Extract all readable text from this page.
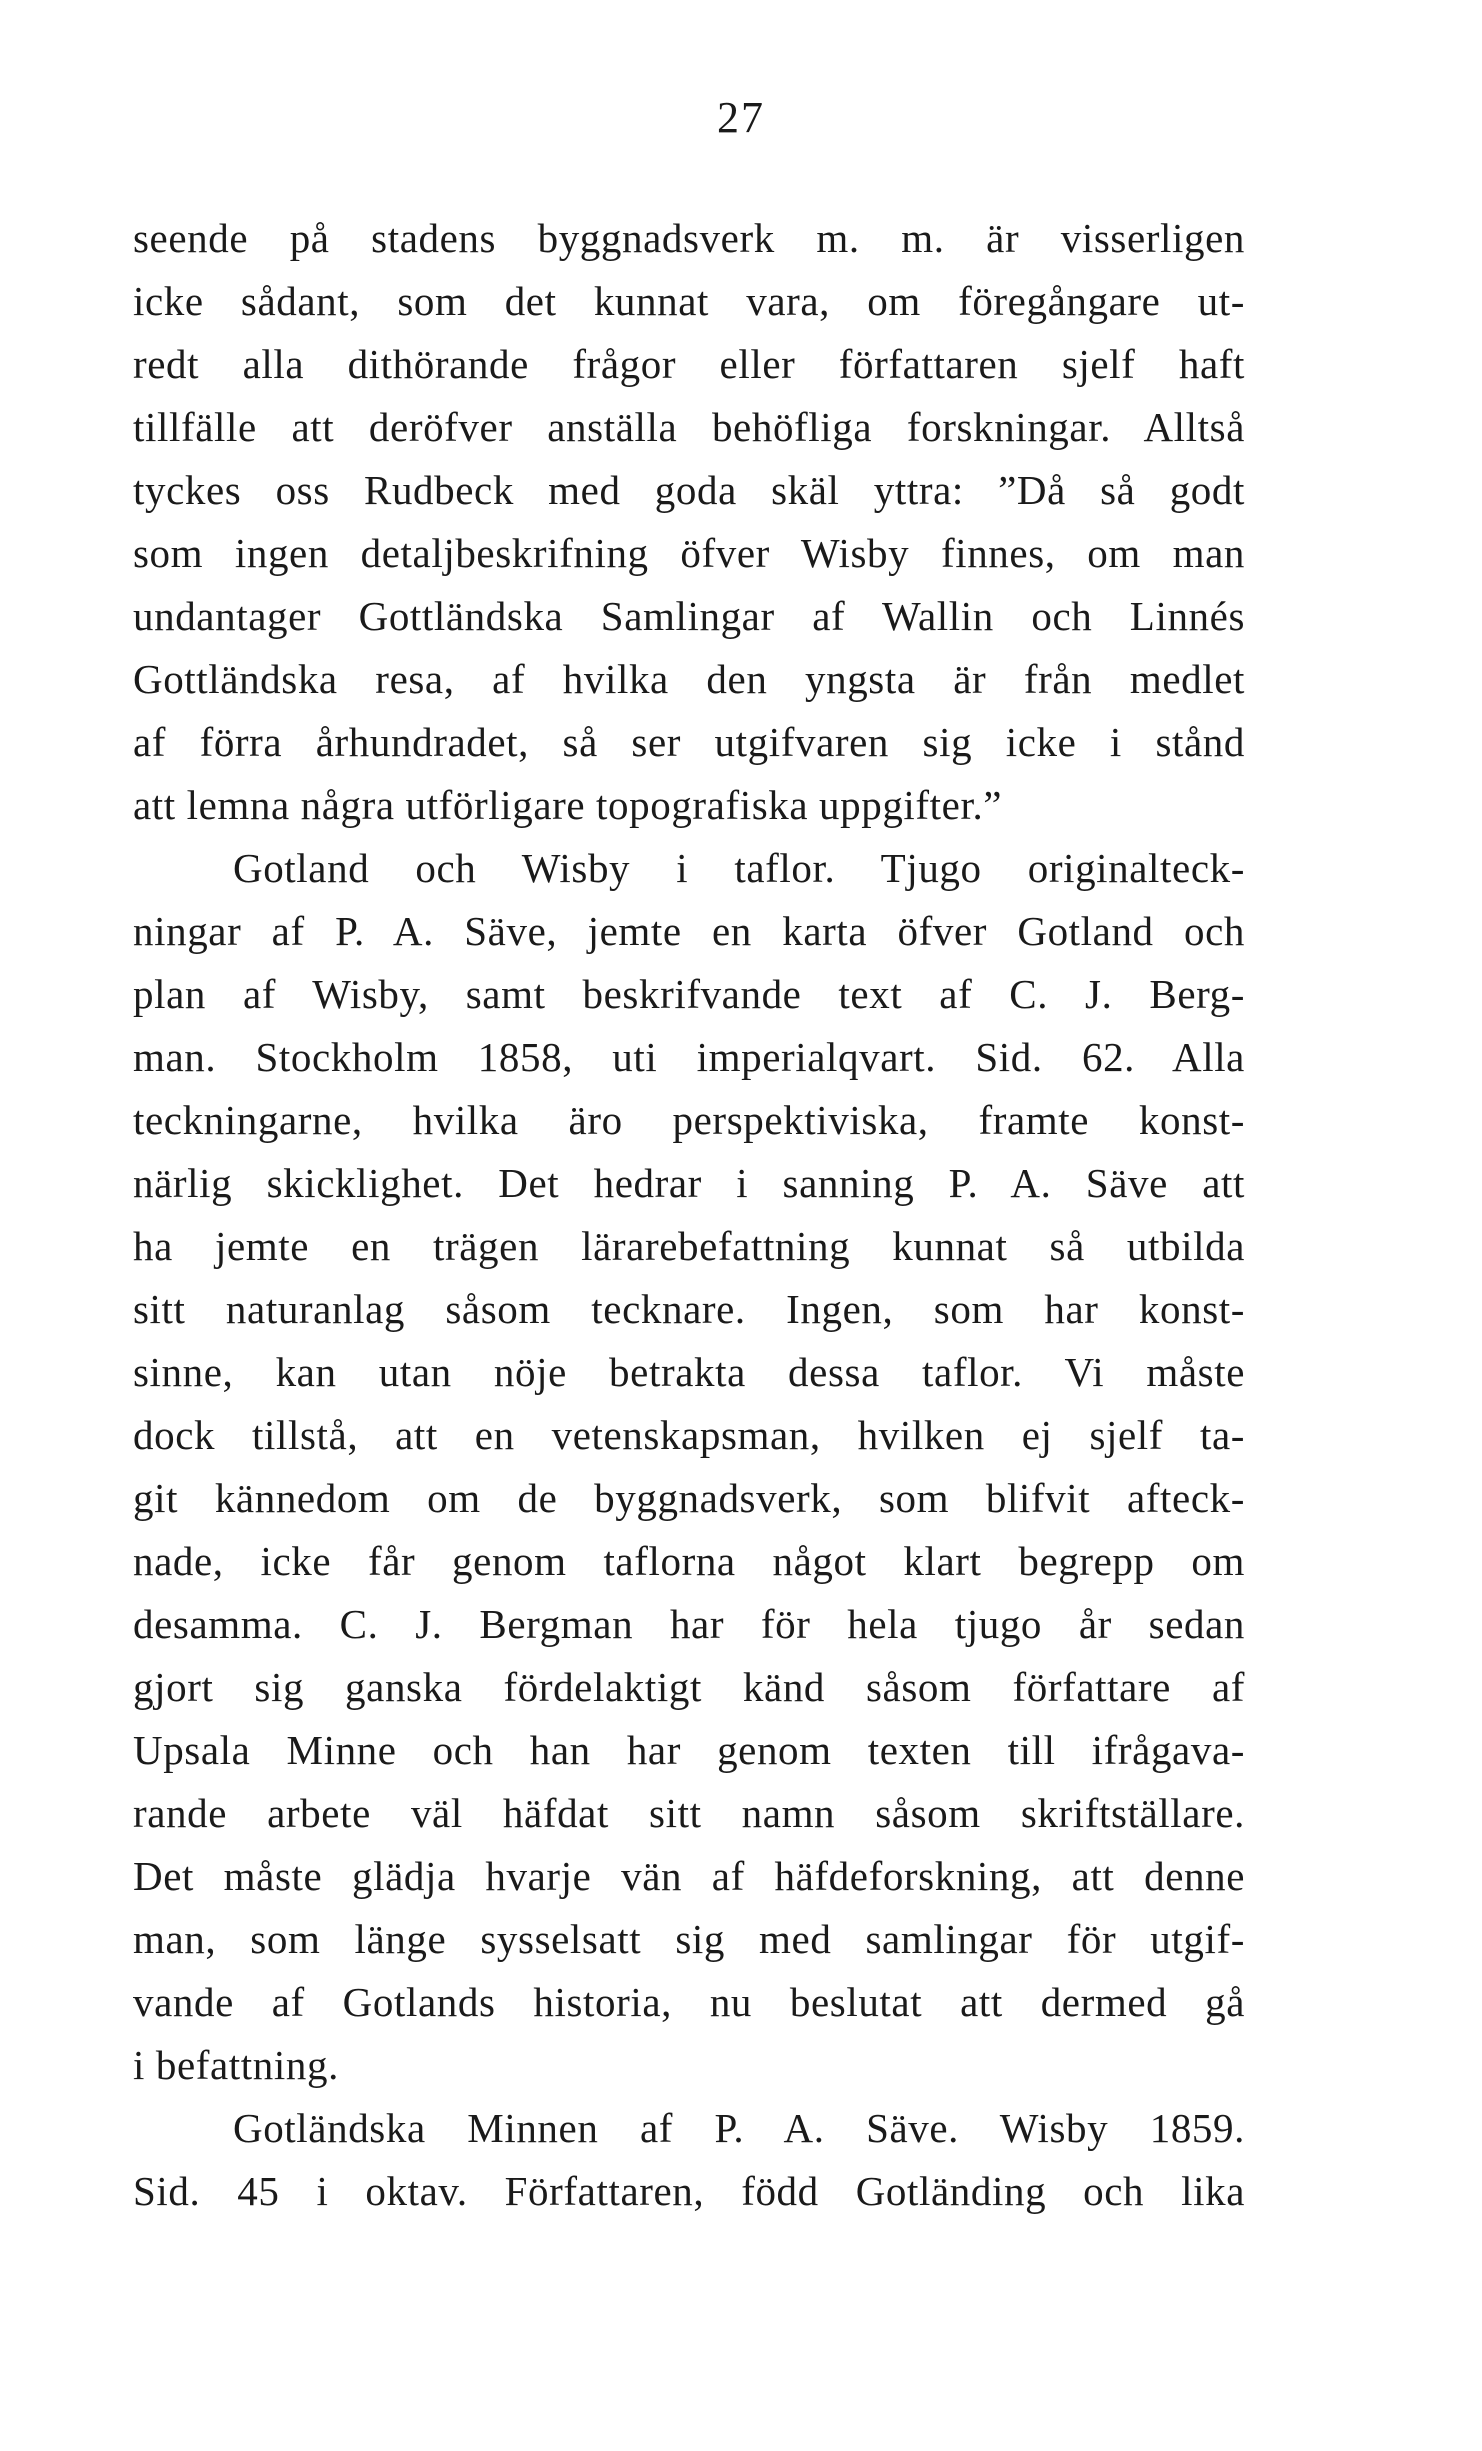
27
seende på stadens byggnadsverk m. m. är visserligen
icke sådant, som det kunnat vara, om föregångare ut-
redt alla dithörande frågor eller författaren sjelf haft
tillfälle att deröfver anställa behöfliga forskningar. Alltså
tyckes oss Rudbeck med goda skäl yttra: ”Då så godt
som ingen detaljbeskrifning öfver Wisby finnes, om man
undantager Gottländska Samlingar af Wallin och Linnés
Gottländska resa, af hvilka den yngsta är från medlet
af förra århundradet, så ser utgifvaren sig icke i stånd
att lemna några utförligare topografiska uppgifter.”
Gotland och Wisby i taflor. Tjugo originalteck-
ningar af P. A. Säve, jemte en karta öfver Gotland och
plan af Wisby, samt beskrifvande text af C. J. Berg-
man. Stockholm 1858, uti imperialqvart. Sid. 62. Alla
teckningarne, hvilka äro perspektiviska, framte konst-
närlig skicklighet. Det hedrar i sanning P. A. Säve att
ha jemte en trägen lärarebefattning kunnat så utbilda
sitt naturanlag såsom tecknare. Ingen, som har konst-
sinne, kan utan nöje betrakta dessa taflor. Vi måste
dock tillstå, att en vetenskapsman, hvilken ej sjelf ta-
git kännedom om de byggnadsverk, som blifvit afteck-
nade, icke får genom taflorna något klart begrepp om
desamma. C. J. Bergman har för hela tjugo år sedan
gjort sig ganska fördelaktigt känd såsom författare af
Upsala Minne och han har genom texten till ifrågava-
rande arbete väl häfdat sitt namn såsom skriftställare.
Det måste glädja hvarje vän af häfdeforskning, att denne
man, som länge sysselsatt sig med samlingar för utgif-
vande af Gotlands historia, nu beslutat att dermed gå
i befattning.
Gotländska Minnen af P. A. Säve. Wisby 1859.
Sid. 45 i oktav. Författaren, född Gotländing och lika
